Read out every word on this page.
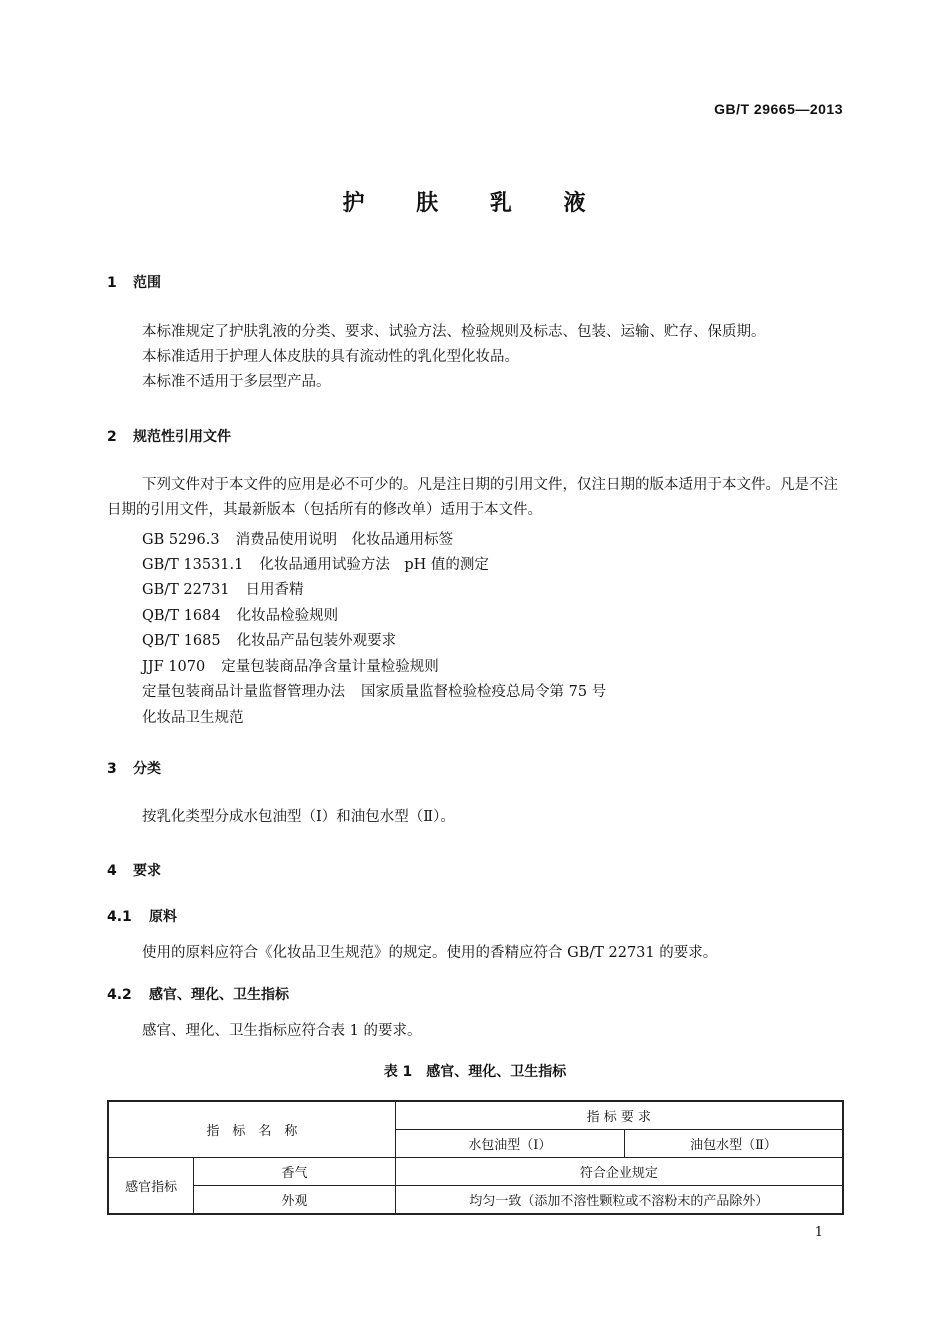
GB/T 29665—2013
护 肤 乳 液
1 范围
本标准规定了护肤乳液的分类、要求、试验方法、检验规则及标志、包装、运输、贮存、保质期。
本标准适用于护理人体皮肤的具有流动性的乳化型化妆品。
本标准不适用于多层型产品。
2 规范性引用文件
下列文件对于本文件的应用是必不可少的。凡是注日期的引用文件，仅注日期的版本适用于本文件。凡是不注日期的引用文件，其最新版本（包括所有的修改单）适用于本文件。
GB 5296.3 消费品使用说明　化妆品通用标签
GB/T 13531.1 化妆品通用试验方法　pH 值的测定
GB/T 22731 日用香精
QB/T 1684 化妆品检验规则
QB/T 1685 化妆品产品包装外观要求
JJF 1070 定量包装商品净含量计量检验规则
定量包装商品计量监督管理办法 国家质量监督检验检疫总局令第 75 号
化妆品卫生规范
3 分类
按乳化类型分成水包油型（Ⅰ）和油包水型（Ⅱ）。
4 要求
4.1 原料
使用的原料应符合《化妆品卫生规范》的规定。使用的香精应符合 GB/T 22731 的要求。
4.2 感官、理化、卫生指标
感官、理化、卫生指标应符合表 1 的要求。
表 1　感官、理化、卫生指标
指　标　名　称		指 标 要 求	
		水包油型（Ⅰ）	油包水型（Ⅱ）
感官指标	香气	符合企业规定	
	外观	均匀一致（添加不溶性颗粒或不溶粉末的产品除外）	
1
